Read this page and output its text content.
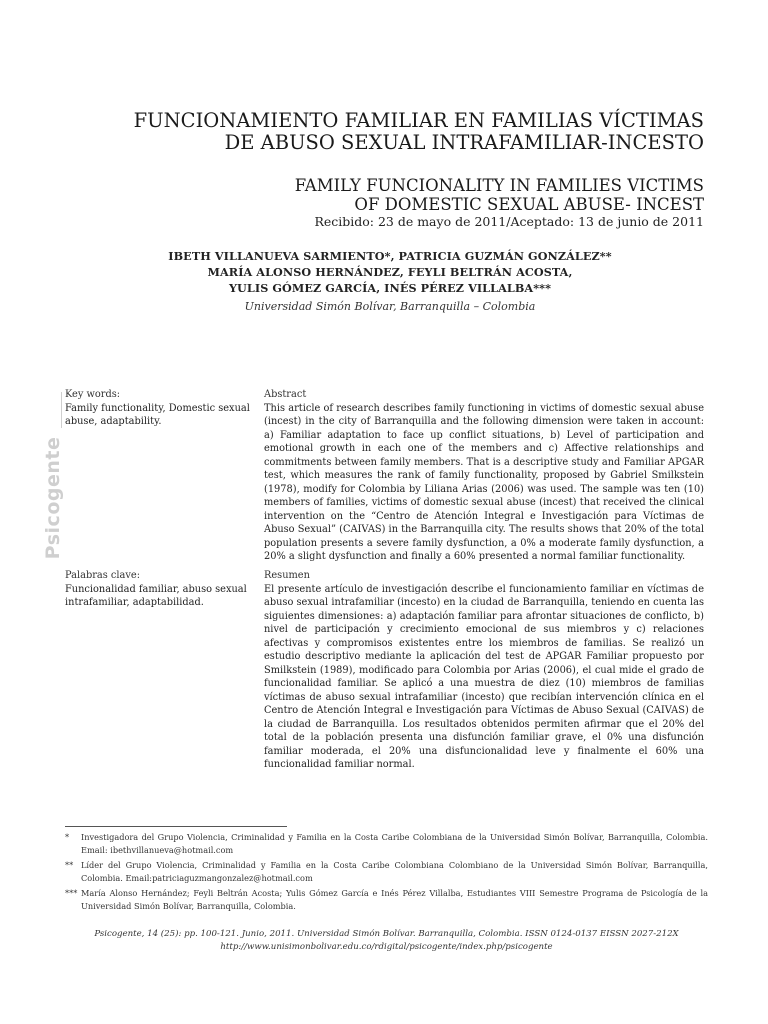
FUNCIONAMIENTO FAMILIAR EN FAMILIAS VÍCTIMAS
DE ABUSO SEXUAL INTRAFAMILIAR-INCESTO
FAMILY FUNCIONALITY IN FAMILIES VICTIMS
OF DOMESTIC SEXUAL ABUSE- INCEST
Recibido: 23 de mayo de 2011/Aceptado: 13 de junio de 2011
IBETH VILLANUEVA SARMIENTO*, PATRICIA GUZMÁN GONZÁLEZ**
MARÍA ALONSO HERNÁNDEZ, FEYLI BELTRÁN ACOSTA,
YULIS GÓMEZ GARCÍA, INÉS PÉREZ VILLALBA***
Universidad Simón Bolívar, Barranquilla – Colombia
Psicogente
Key words:
Family functionality, Domestic sexual abuse, adaptability.
Abstract
This article of research describes family functioning in victims of domestic sexual abuse (incest) in the city of Barranquilla and the following dimension were taken in account: a) Familiar adaptation to face up conflict situations, b) Level of participation and emotional growth in each one of the members and c) Affective relationships and commitments between family members. That is a descriptive study and Familiar APGAR test, which measures the rank of family functionality, proposed by Gabriel Smilkstein (1978), modify for Colombia by Liliana Arias (2006) was used. The sample was ten (10) members of families, victims of domestic sexual abuse (incest) that received the clinical intervention on the “Centro de Atención Integral e Investigación para Víctimas de Abuso Sexual” (CAIVAS) in the Barranquilla city. The results shows that 20% of the total population presents a severe family dysfunction, a 0% a moderate family dysfunction, a 20% a slight dysfunction and finally a 60% presented a normal familiar functionality.
Palabras clave:
Funcionalidad familiar, abuso sexual intrafamiliar, adaptabilidad.
Resumen
El presente artículo de investigación describe el funcionamiento familiar en víctimas de abuso sexual intrafamiliar (incesto) en la ciudad de Barranquilla, teniendo en cuenta las siguientes dimensiones: a) adaptación familiar para afrontar situaciones de conflicto, b) nivel de participación y crecimiento emocional de sus miembros y c) relaciones afectivas y compromisos existentes entre los miembros de familias. Se realizó un estudio descriptivo mediante la aplicación del test de APGAR Familiar propuesto por Smilkstein (1989), modificado para Colombia por Arias (2006), el cual mide el grado de funcionalidad familiar. Se aplicó a una muestra de diez (10) miembros de familias víctimas de abuso sexual intrafamiliar (incesto) que recibían intervención clínica en el Centro de Atención Integral e Investigación para Víctimas de Abuso Sexual (CAIVAS) de la ciudad de Barranquilla. Los resultados obtenidos permiten afirmar que el 20% del total de la población presenta una disfunción familiar grave, el 0% una disfunción familiar moderada, el 20% una disfuncionalidad leve y finalmente el 60% una funcionalidad familiar normal.
*	Investigadora del Grupo Violencia, Criminalidad y Familia en la Costa Caribe Colombiana de la Universidad Simón Bolívar, Barranquilla, Colombia. Email: ibethvillanueva@hotmail.com
** Líder del Grupo Violencia, Criminalidad y Familia en la Costa Caribe Colombiana Colombiano de la Universidad Simón Bolívar, Barranquilla, Colombia. Email:patriciaguzmangonzalez@hotmail.com
*** María Alonso Hernández; Feyli Beltrán Acosta; Yulis Gómez García e Inés Pérez Villalba, Estudiantes VIII Semestre Programa de Psicología de la Universidad Simón Bolívar, Barranquilla, Colombia.
Psicogente, 14 (25): pp. 100-121. Junio, 2011. Universidad Simón Bolívar. Barranquilla, Colombia. ISSN 0124-0137 EISSN 2027-212X
http://www.unisimonbolivar.edu.co/rdigital/psicogente/index.php/psicogente
